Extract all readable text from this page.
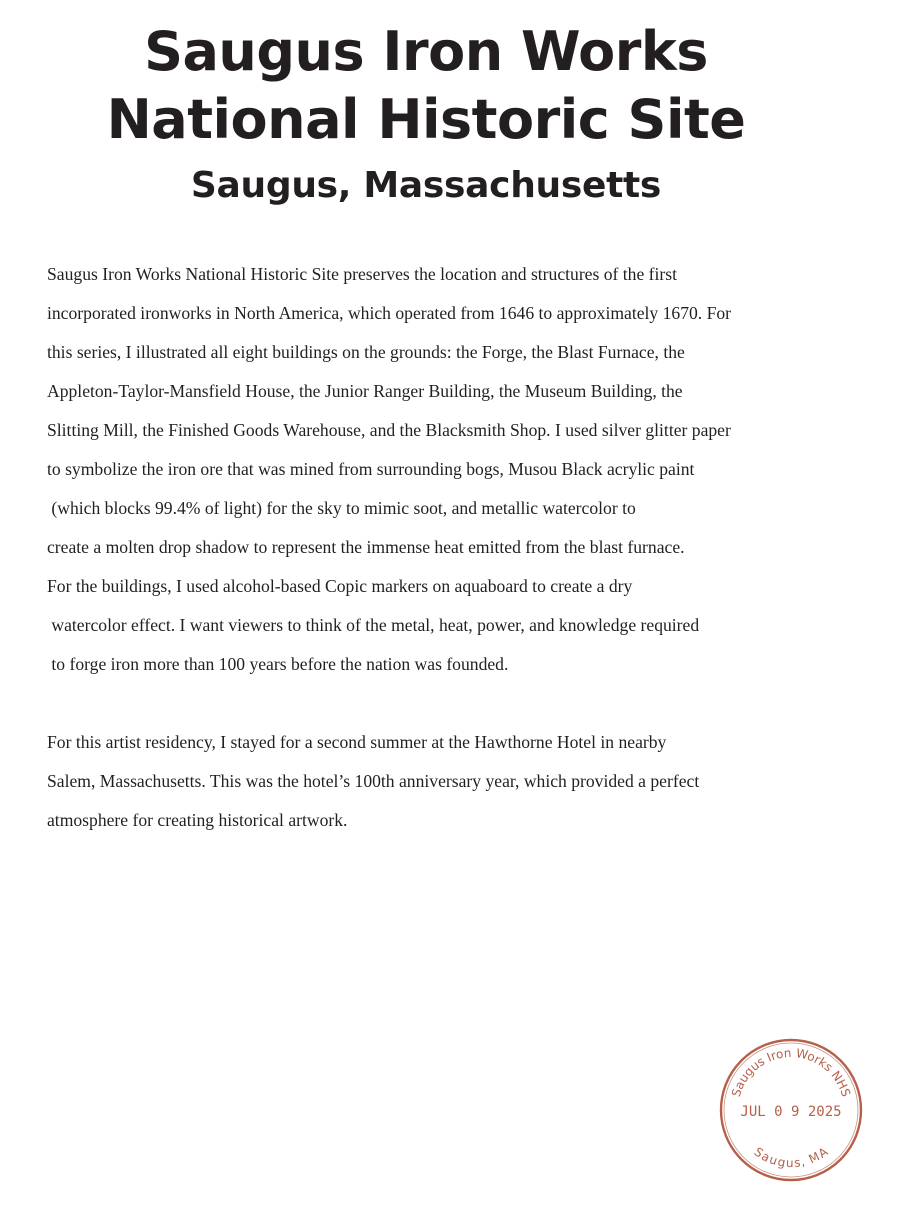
Saugus Iron Works
National Historic Site
Saugus, Massachusetts
Saugus Iron Works National Historic Site preserves the location and structures of the first
incorporated ironworks in North America, which operated from 1646 to approximately 1670. For
this series, I illustrated all eight buildings on the grounds: the Forge, the Blast Furnace, the
Appleton-Taylor-Mansfield House, the Junior Ranger Building, the Museum Building, the
Slitting Mill, the Finished Goods Warehouse, and the Blacksmith Shop. I used silver glitter paper
to symbolize the iron ore that was mined from surrounding bogs, Musou Black acrylic paint
(which blocks 99.4% of light) for the sky to mimic soot, and metallic watercolor to
create a molten drop shadow to represent the immense heat emitted from the blast furnace.
For the buildings, I used alcohol-based Copic markers on aquaboard to create a dry
watercolor effect. I want viewers to think of the metal, heat, power, and knowledge required
to forge iron more than 100 years before the nation was founded.
For this artist residency, I stayed for a second summer at the Hawthorne Hotel in nearby
Salem, Massachusetts. This was the hotel’s 100th anniversary year, which provided a perfect
atmosphere for creating historical artwork.
Saugus Iron Works NHS
JUL 0 9 2025
Saugus, MA
